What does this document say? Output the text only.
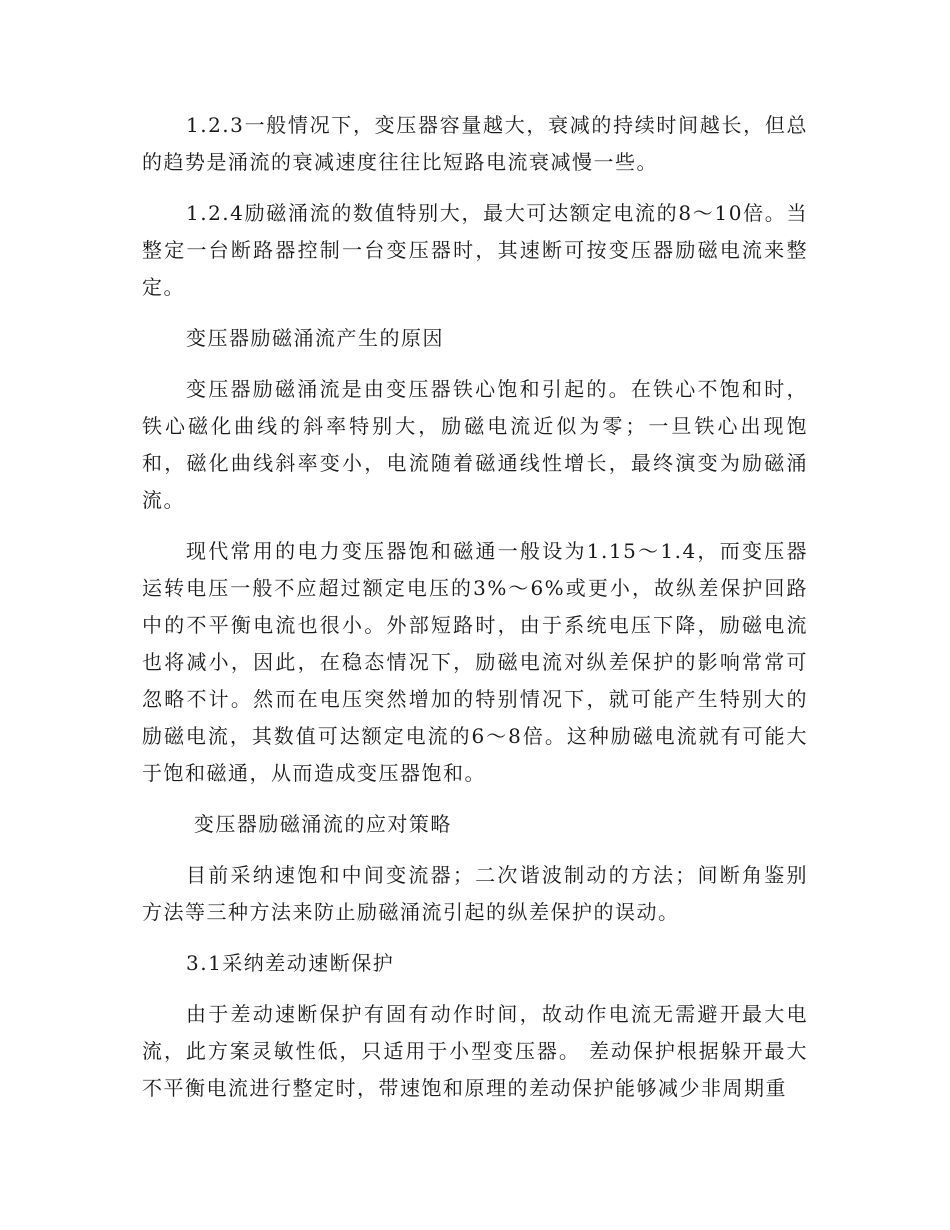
1.2.3一般情况下，变压器容量越大，衰减的持续时间越长，但总的趋势是涌流的衰减速度往往比短路电流衰减慢一些。

1.2.4励磁涌流的数值特别大，最大可达额定电流的8～10倍。当整定一台断路器控制一台变压器时，其速断可按变压器励磁电流来整定。

变压器励磁涌流产生的原因

变压器励磁涌流是由变压器铁心饱和引起的。在铁心不饱和时，铁心磁化曲线的斜率特别大，励磁电流近似为零；一旦铁心出现饱和，磁化曲线斜率变小，电流随着磁通线性增长，最终演变为励磁涌流。

现代常用的电力变压器饱和磁通一般设为1.15～1.4，而变压器运转电压一般不应超过额定电压的3%～6%或更小，故纵差保护回路中的不平衡电流也很小。外部短路时，由于系统电压下降，励磁电流也将减小，因此，在稳态情况下，励磁电流对纵差保护的影响常常可忽略不计。然而在电压突然增加的特别情况下，就可能产生特别大的励磁电流，其数值可达额定电流的6～8倍。这种励磁电流就有可能大于饱和磁通，从而造成变压器饱和。

变压器励磁涌流的应对策略

目前采纳速饱和中间变流器；二次谐波制动的方法；间断角鉴别方法等三种方法来防止励磁涌流引起的纵差保护的误动。

3.1采纳差动速断保护

由于差动速断保护有固有动作时间，故动作电流无需避开最大电流，此方案灵敏性低，只适用于小型变压器。 差动保护根据躲开最大不平衡电流进行整定时，带速饱和原理的差动保护能够减少非周期重
